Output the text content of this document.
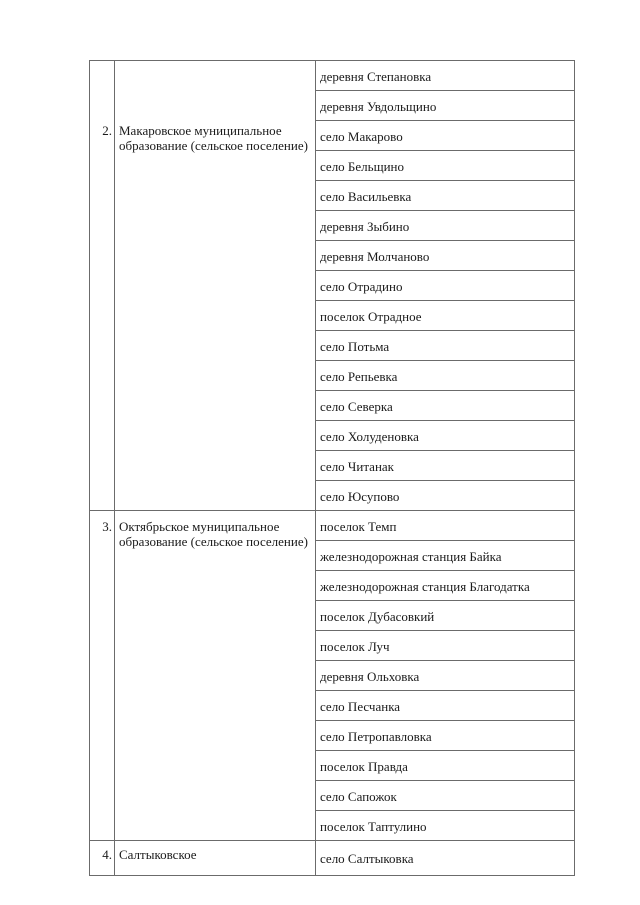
2.	Макаровское муниципальное образование (сельское поселение)	деревня Степановка
		деревня Увдольщино
		село Макарово
		село Бельщино
		село Васильевка
		деревня Зыбино
		деревня Молчаново
		село Отрадино
		поселок Отрадное
		село Потьма
		село Репьевка
		село Северка
		село Холуденовка
		село Читанак
		село Юсупово
3.	Октябрьское муниципальное образование (сельское поселение)	поселок Темп
		железнодорожная станция Байка
		железнодорожная станция Благодатка
		поселок Дубасовкий
		поселок Луч
		деревня Ольховка
		село Песчанка
		село Петропавловка
		поселок Правда
		село Сапожок
		поселок Таптулино
4.	Салтыковское	село Салтыковка
